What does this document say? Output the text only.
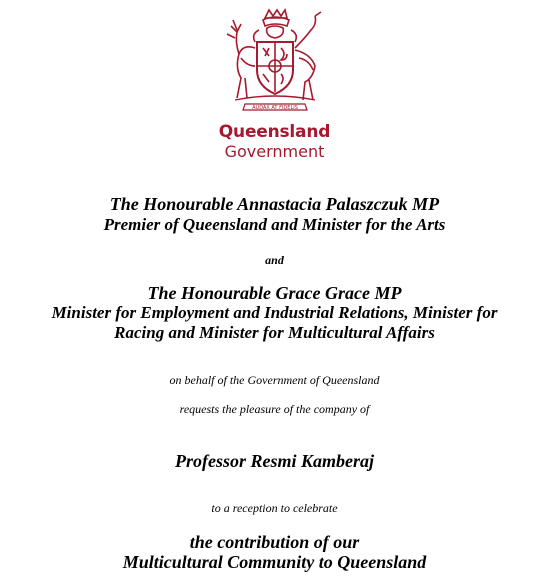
AUDAX AT FIDELIS
Queensland
Government
The Honourable Annastacia Palaszczuk MP
Premier of Queensland and Minister for the Arts
and
The Honourable Grace Grace MP
Minister for Employment and Industrial Relations, Minister for
Racing and Minister for Multicultural Affairs
on behalf of the Government of Queensland
requests the pleasure of the company of
Professor Resmi Kamberaj
to a reception to celebrate
the contribution of our
Multicultural Community to Queensland
